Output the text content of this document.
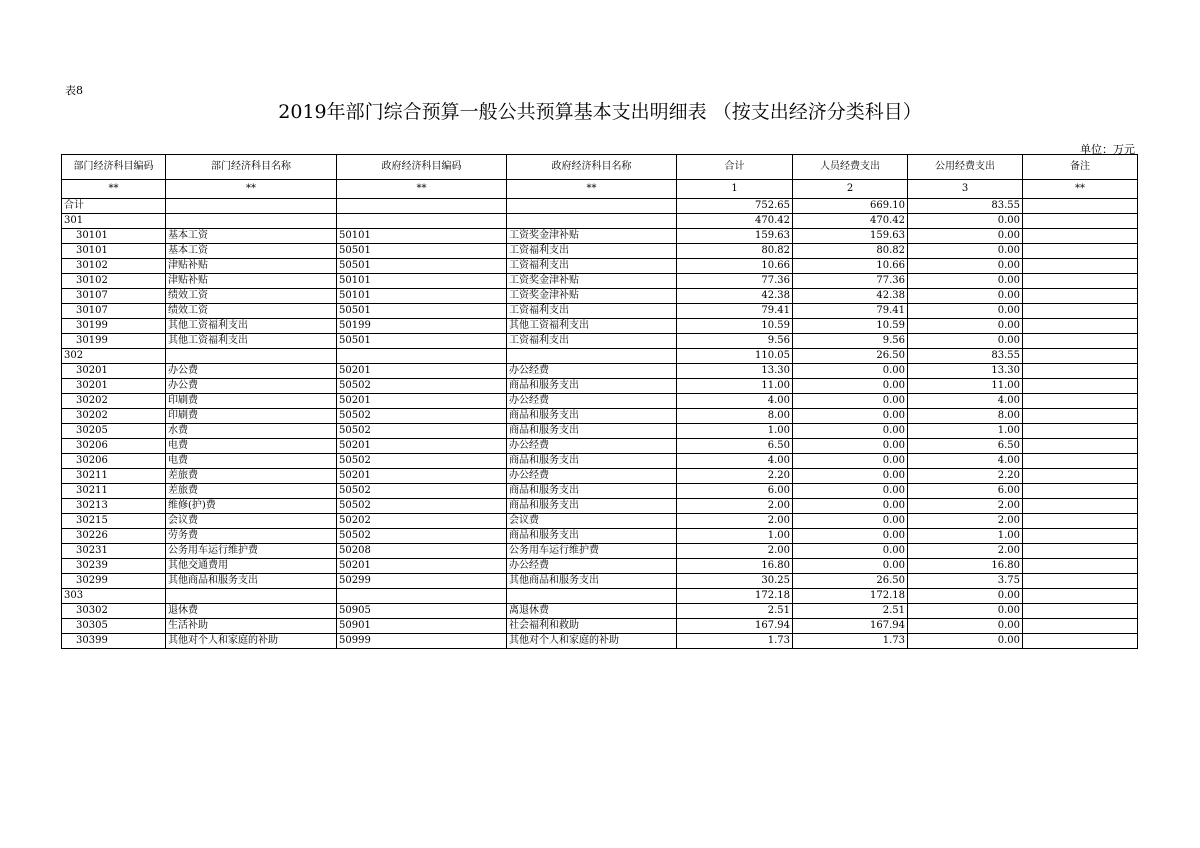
表8
2019年部门综合预算一般公共预算基本支出明细表 （按支出经济分类科目）
单位：万元
部门经济科目编码	部门经济科目名称	政府经济科目编码	政府经济科目名称	合计	人员经费支出	公用经费支出	备注
**	**	**	**	1	2	3	**
合计				752.65	669.10	83.55	
301				470.42	470.42	0.00	
30101	基本工资	50101	工资奖金津补贴	159.63	159.63	0.00	
30101	基本工资	50501	工资福利支出	80.82	80.82	0.00	
30102	津贴补贴	50501	工资福利支出	10.66	10.66	0.00	
30102	津贴补贴	50101	工资奖金津补贴	77.36	77.36	0.00	
30107	绩效工资	50101	工资奖金津补贴	42.38	42.38	0.00	
30107	绩效工资	50501	工资福利支出	79.41	79.41	0.00	
30199	其他工资福利支出	50199	其他工资福利支出	10.59	10.59	0.00	
30199	其他工资福利支出	50501	工资福利支出	9.56	9.56	0.00	
302				110.05	26.50	83.55	
30201	办公费	50201	办公经费	13.30	0.00	13.30	
30201	办公费	50502	商品和服务支出	11.00	0.00	11.00	
30202	印刷费	50201	办公经费	4.00	0.00	4.00	
30202	印刷费	50502	商品和服务支出	8.00	0.00	8.00	
30205	水费	50502	商品和服务支出	1.00	0.00	1.00	
30206	电费	50201	办公经费	6.50	0.00	6.50	
30206	电费	50502	商品和服务支出	4.00	0.00	4.00	
30211	差旅费	50201	办公经费	2.20	0.00	2.20	
30211	差旅费	50502	商品和服务支出	6.00	0.00	6.00	
30213	维修(护)费	50502	商品和服务支出	2.00	0.00	2.00	
30215	会议费	50202	会议费	2.00	0.00	2.00	
30226	劳务费	50502	商品和服务支出	1.00	0.00	1.00	
30231	公务用车运行维护费	50208	公务用车运行维护费	2.00	0.00	2.00	
30239	其他交通费用	50201	办公经费	16.80	0.00	16.80	
30299	其他商品和服务支出	50299	其他商品和服务支出	30.25	26.50	3.75	
303				172.18	172.18	0.00	
30302	退休费	50905	离退休费	2.51	2.51	0.00	
30305	生活补助	50901	社会福利和救助	167.94	167.94	0.00	
30399	其他对个人和家庭的补助	50999	其他对个人和家庭的补助	1.73	1.73	0.00	
